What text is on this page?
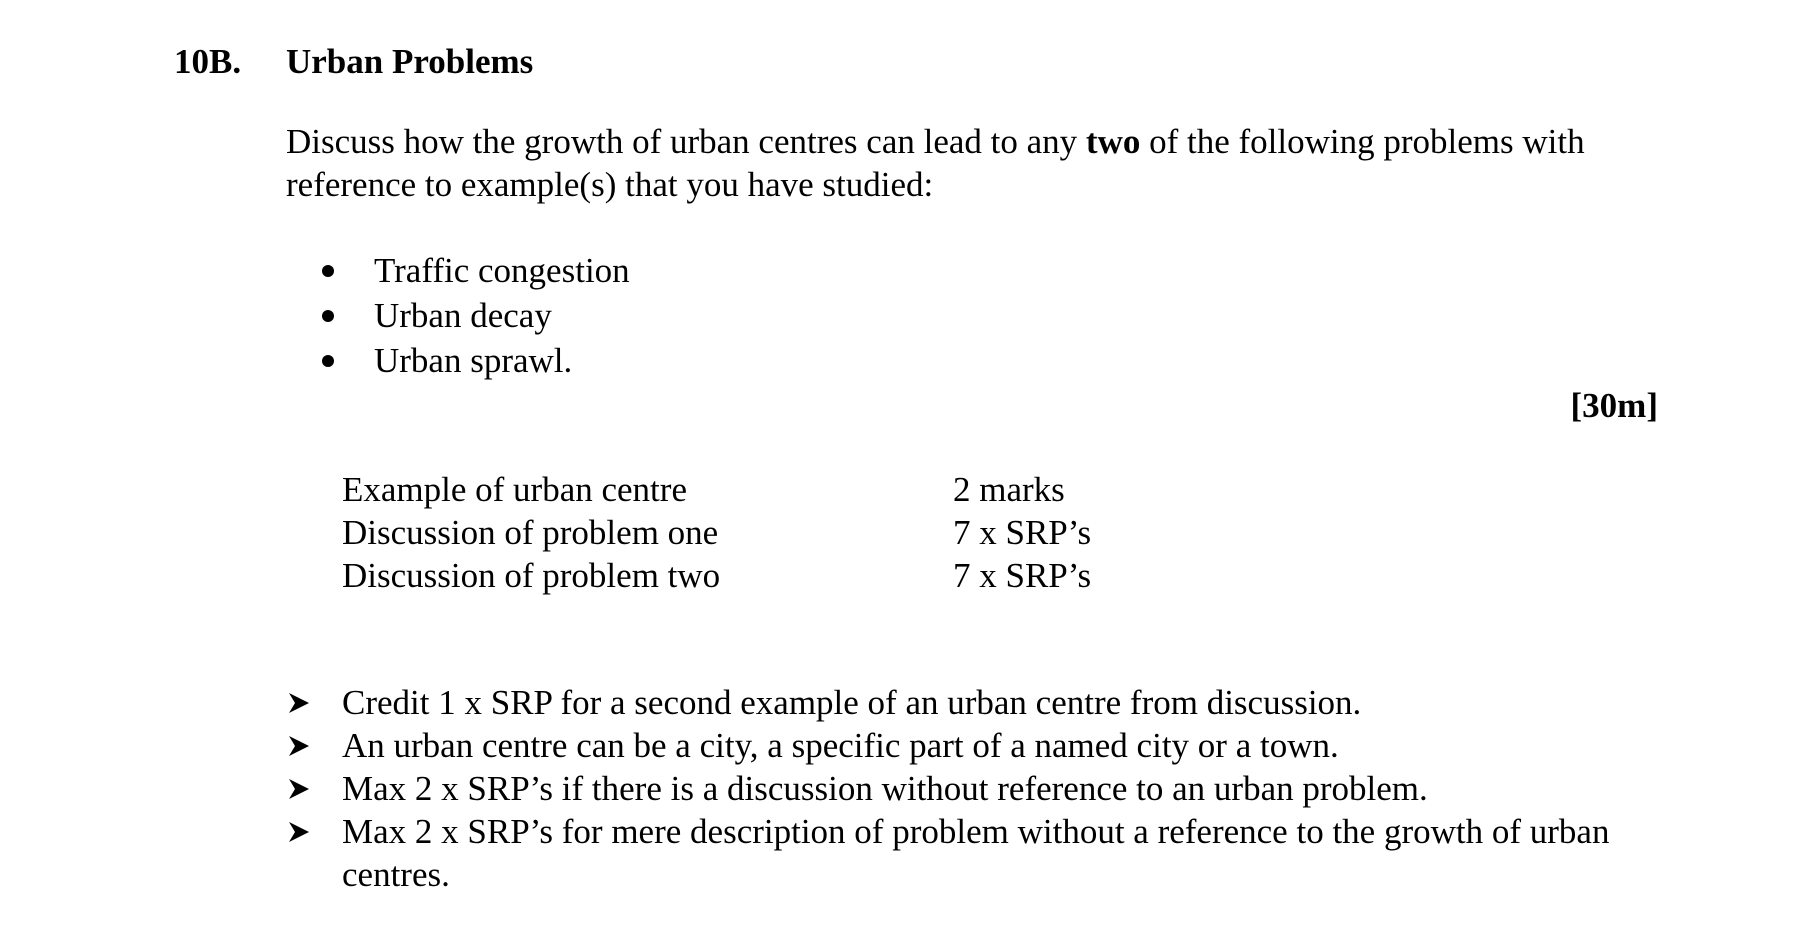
10B. Urban Problems
Discuss how the growth of urban centres can lead to any two of the following problems with
reference to example(s) that you have studied:
Traffic congestion
Urban decay
Urban sprawl.
[30m]
Example of urban centre	2 marks
Discussion of problem one	7 x SRP’s
Discussion of problem two	7 x SRP’s
Credit 1 x SRP for a second example of an urban centre from discussion.
An urban centre can be a city, a specific part of a named city or a town.
Max 2 x SRP’s if there is a discussion without reference to an urban problem.
Max 2 x SRP’s for mere description of problem without a reference to the growth of urban centres.
